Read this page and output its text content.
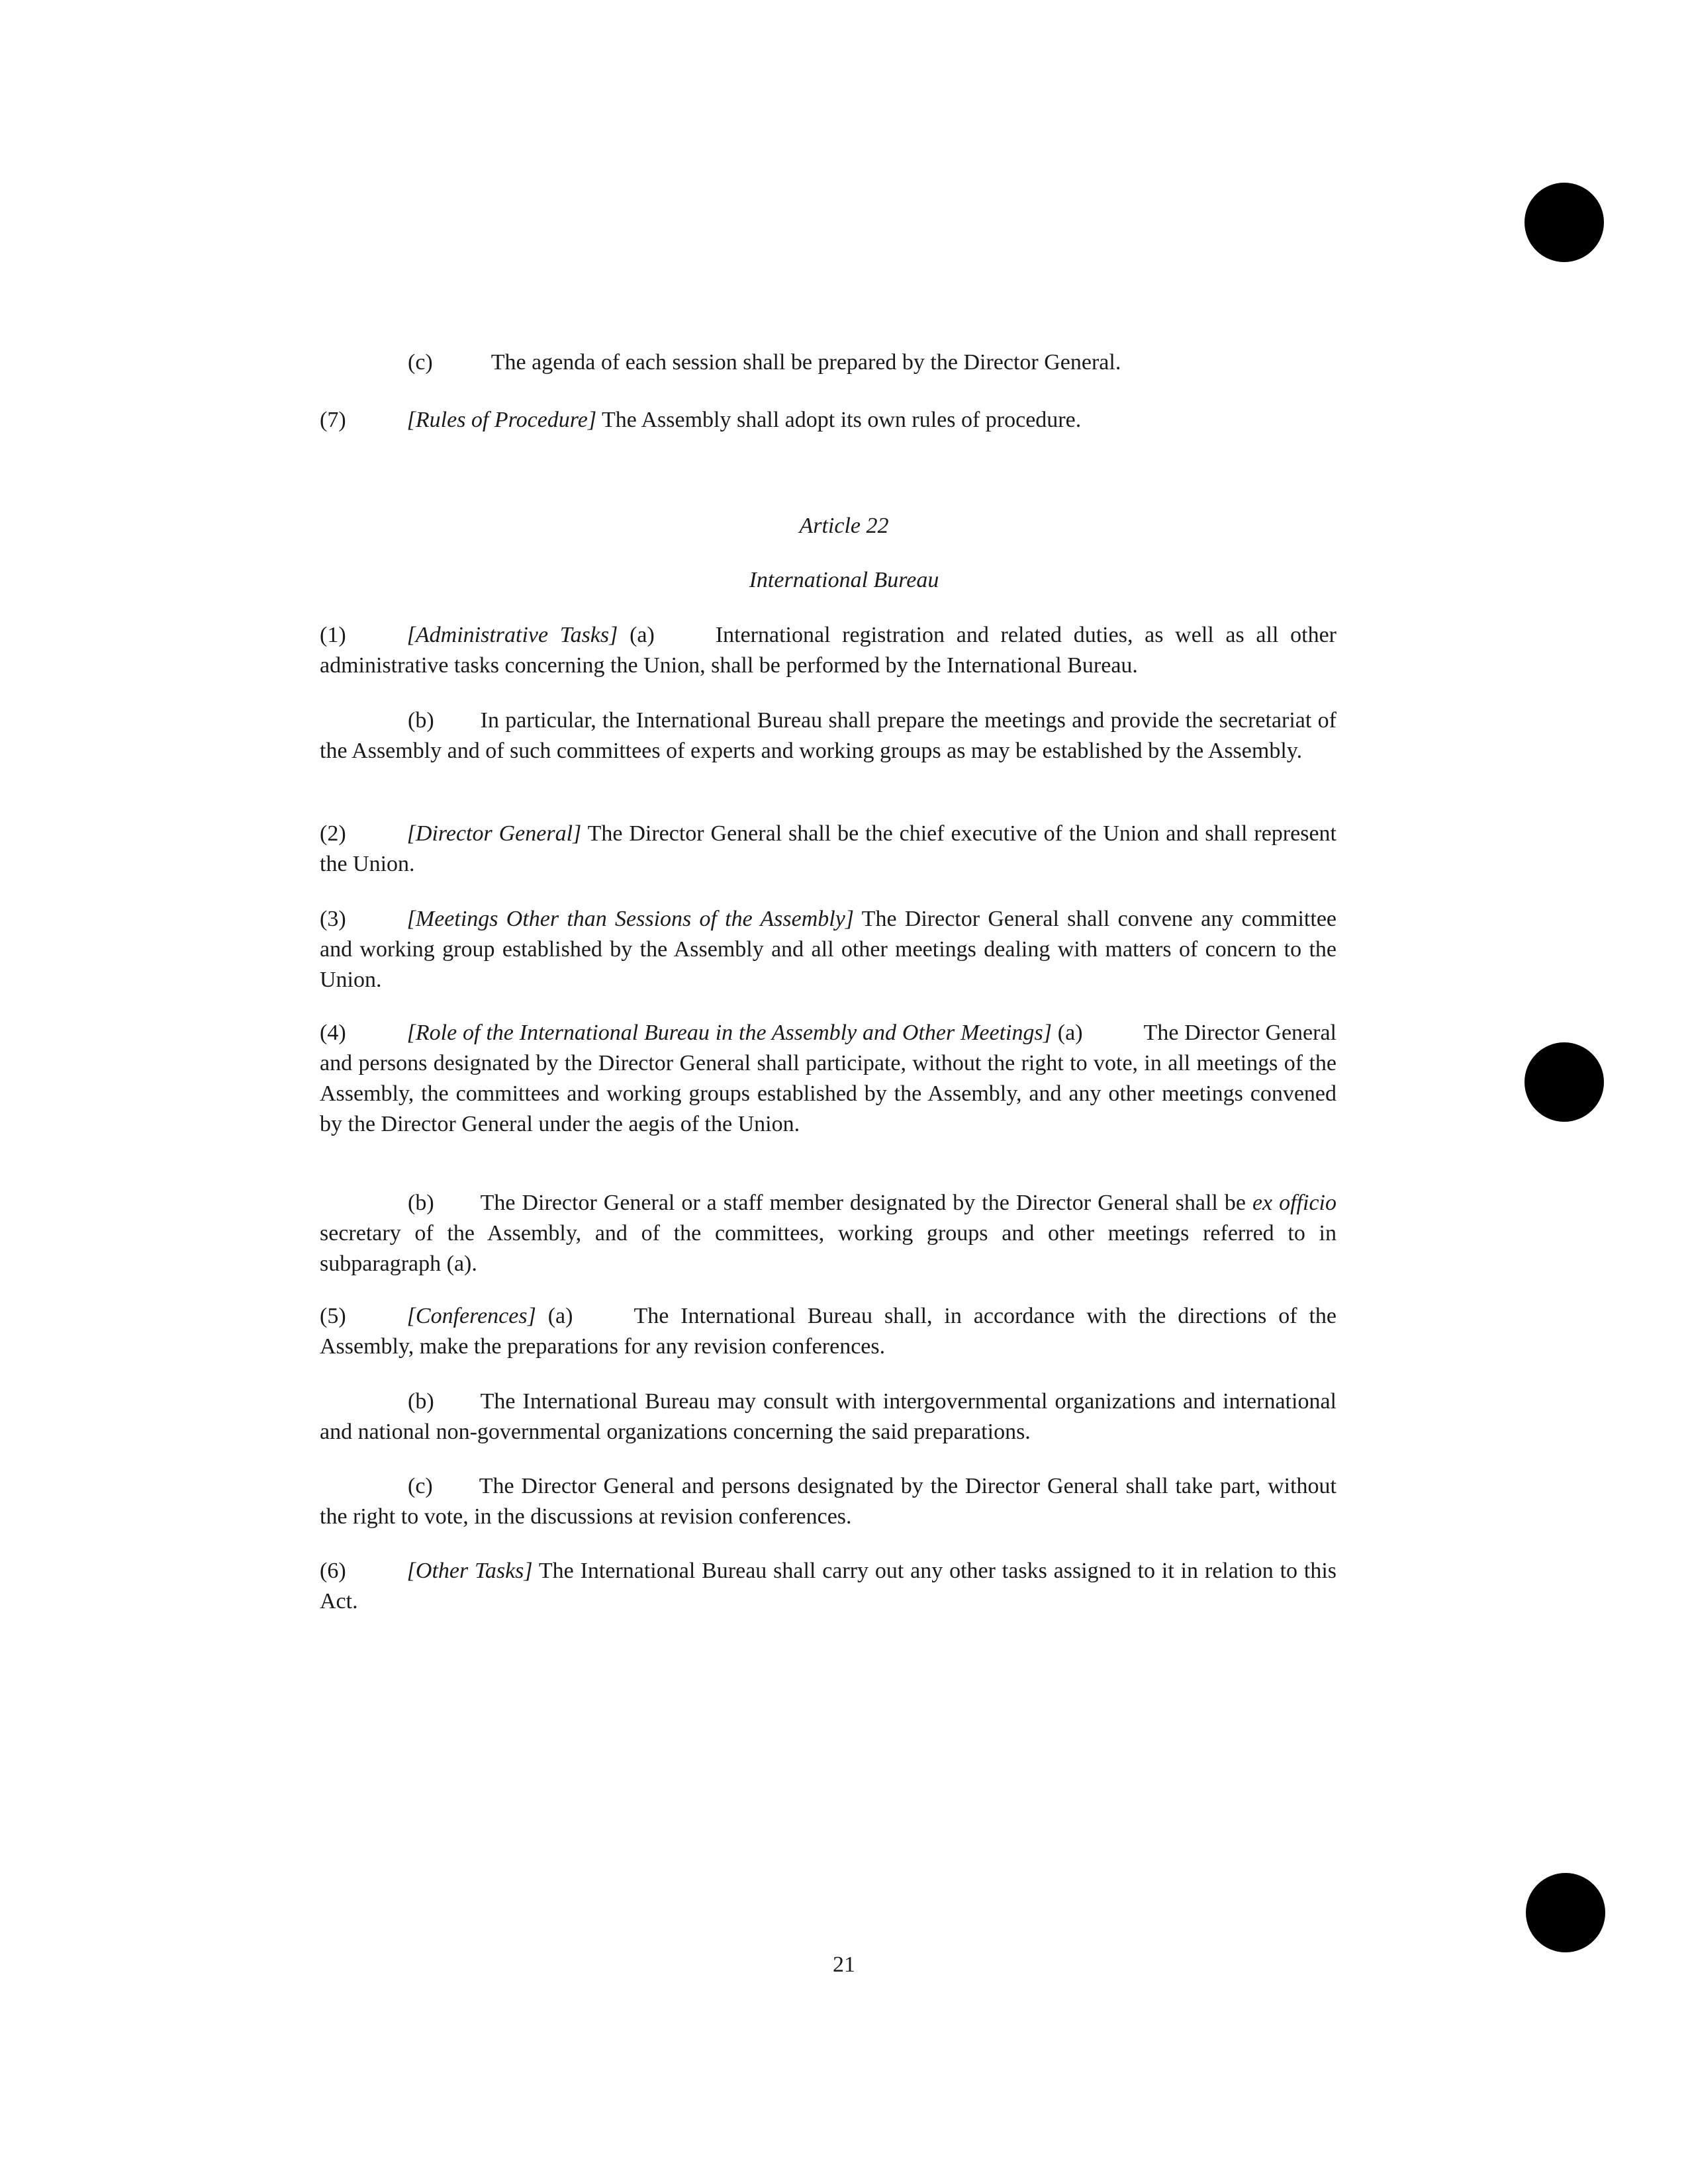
(c)	The agenda of each session shall be prepared by the Director General.
(7)	[Rules of Procedure] The Assembly shall adopt its own rules of procedure.
Article 22
International Bureau

(1)	[Administrative Tasks] (a)	International registration and related duties, as well as all other administrative tasks concerning the Union, shall be performed by the International Bureau.

(b) In particular, the International Bureau shall prepare the meetings and provide the secretariat of the Assembly and of such committees of experts and working groups as may be established by the Assembly.

(2)	[Director General] The Director General shall be the chief executive of the Union and shall represent the Union.

(3)	[Meetings Other than Sessions of the Assembly] The Director General shall convene any committee and working group established by the Assembly and all other meetings dealing with matters of concern to the Union.

(4)	[Role of the International Bureau in the Assembly and Other Meetings] (a)	The Director General and persons designated by the Director General shall participate, without the right to vote, in all meetings of the Assembly, the committees and working groups established by the Assembly, and any other meetings convened by the Director General under the aegis of the Union.

(b) The Director General or a staff member designated by the Director General shall be ex officio secretary of the Assembly, and of the committees, working groups and other meetings referred to in subparagraph (a).

(5)	[Conferences] (a)	The International Bureau shall, in accordance with the directions of the Assembly, make the preparations for any revision conferences.

(b) The International Bureau may consult with intergovernmental organizations and international and national non-governmental organizations concerning the said preparations.

(c) The Director General and persons designated by the Director General shall take part, without the right to vote, in the discussions at revision conferences.

(6)	[Other Tasks] The International Bureau shall carry out any other tasks assigned to it in relation to this Act.

21
